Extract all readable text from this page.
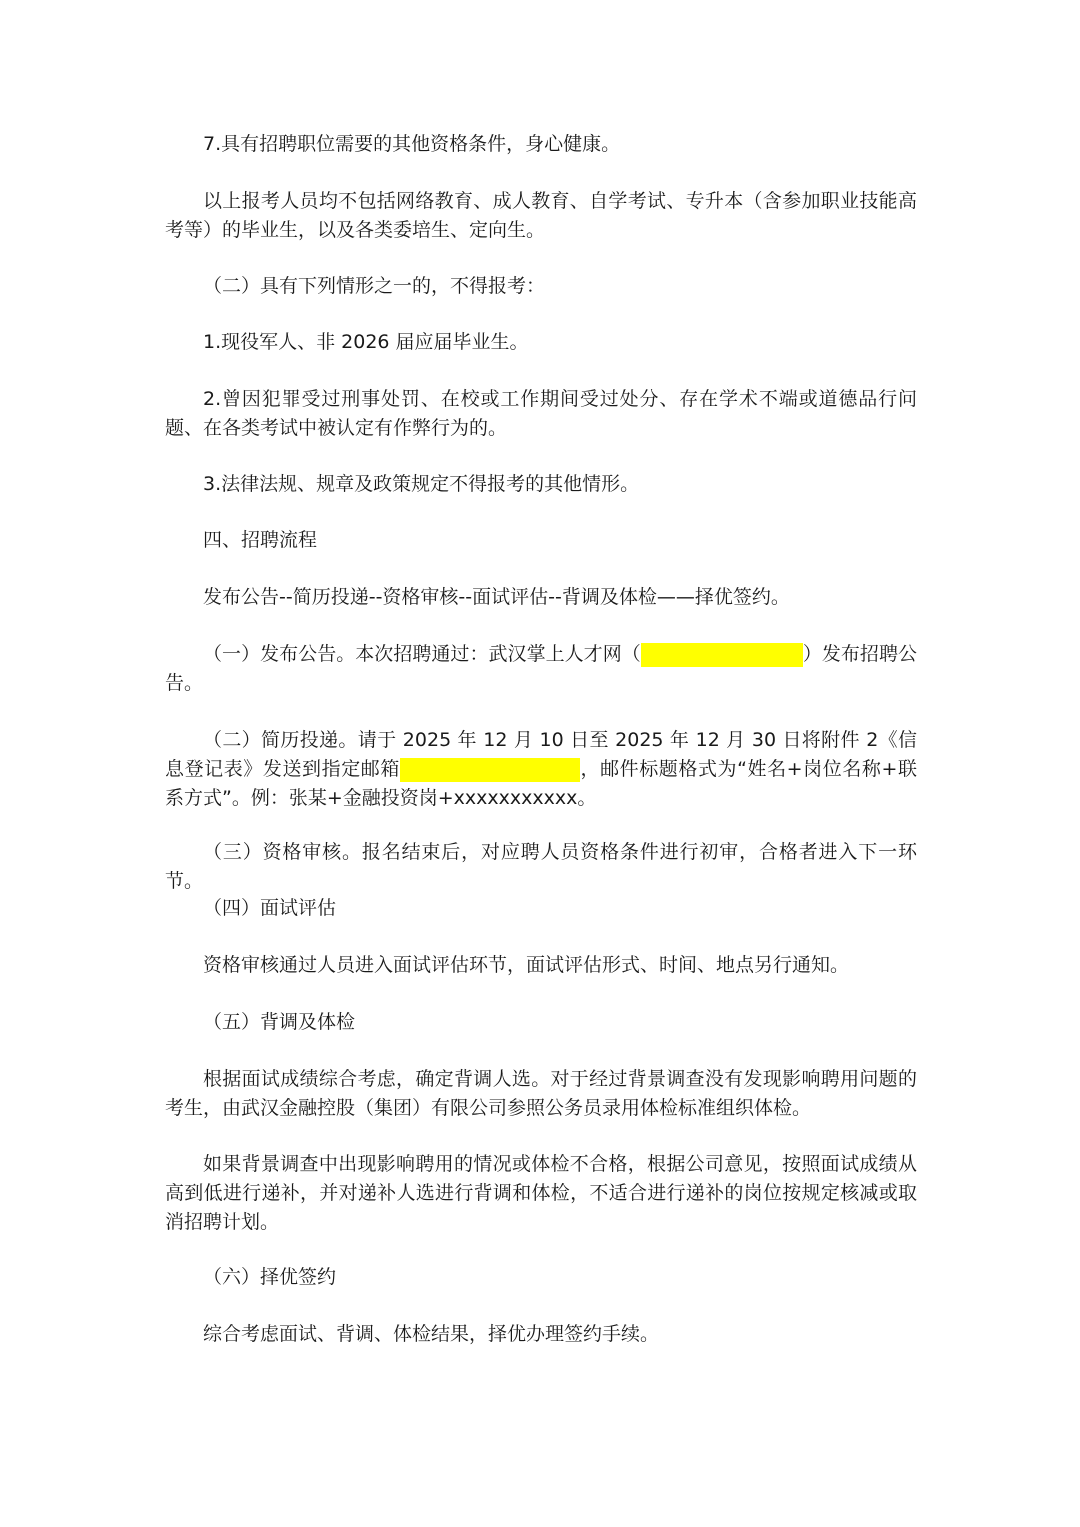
7.具有招聘职位需要的其他资格条件，身心健康。

以上报考人员均不包括网络教育、成人教育、自学考试、专升本（含参加职业技能高考等）的毕业生，以及各类委培生、定向生。

（二）具有下列情形之一的，不得报考：

1.现役军人、非 2026 届应届毕业生。

2.曾因犯罪受过刑事处罚、在校或工作期间受过处分、存在学术不端或道德品行问题、在各类考试中被认定有作弊行为的。

3.法律法规、规章及政策规定不得报考的其他情形。

四、招聘流程

发布公告--简历投递--资格审核--面试评估--背调及体检——择优签约。

（一）发布公告。本次招聘通过：武汉掌上人才网（	）发布招聘公告。

（二）简历投递。请于 2025 年 12 月 10 日至 2025 年 12 月 30 日将附件 2《信息登记表》发送到指定邮箱	，邮件标题格式为“姓名+岗位名称+联系方式”。例：张某+金融投资岗+xxxxxxxxxxx。

（三）资格审核。报名结束后，对应聘人员资格条件进行初审，合格者进入下一环节。

（四）面试评估

资格审核通过人员进入面试评估环节，面试评估形式、时间、地点另行通知。

（五）背调及体检

根据面试成绩综合考虑，确定背调人选。对于经过背景调查没有发现影响聘用问题的考生，由武汉金融控股（集团）有限公司参照公务员录用体检标准组织体检。

如果背景调查中出现影响聘用的情况或体检不合格，根据公司意见，按照面试成绩从高到低进行递补，并对递补人选进行背调和体检，不适合进行递补的岗位按规定核减或取消招聘计划。

（六）择优签约

综合考虑面试、背调、体检结果，择优办理签约手续。
